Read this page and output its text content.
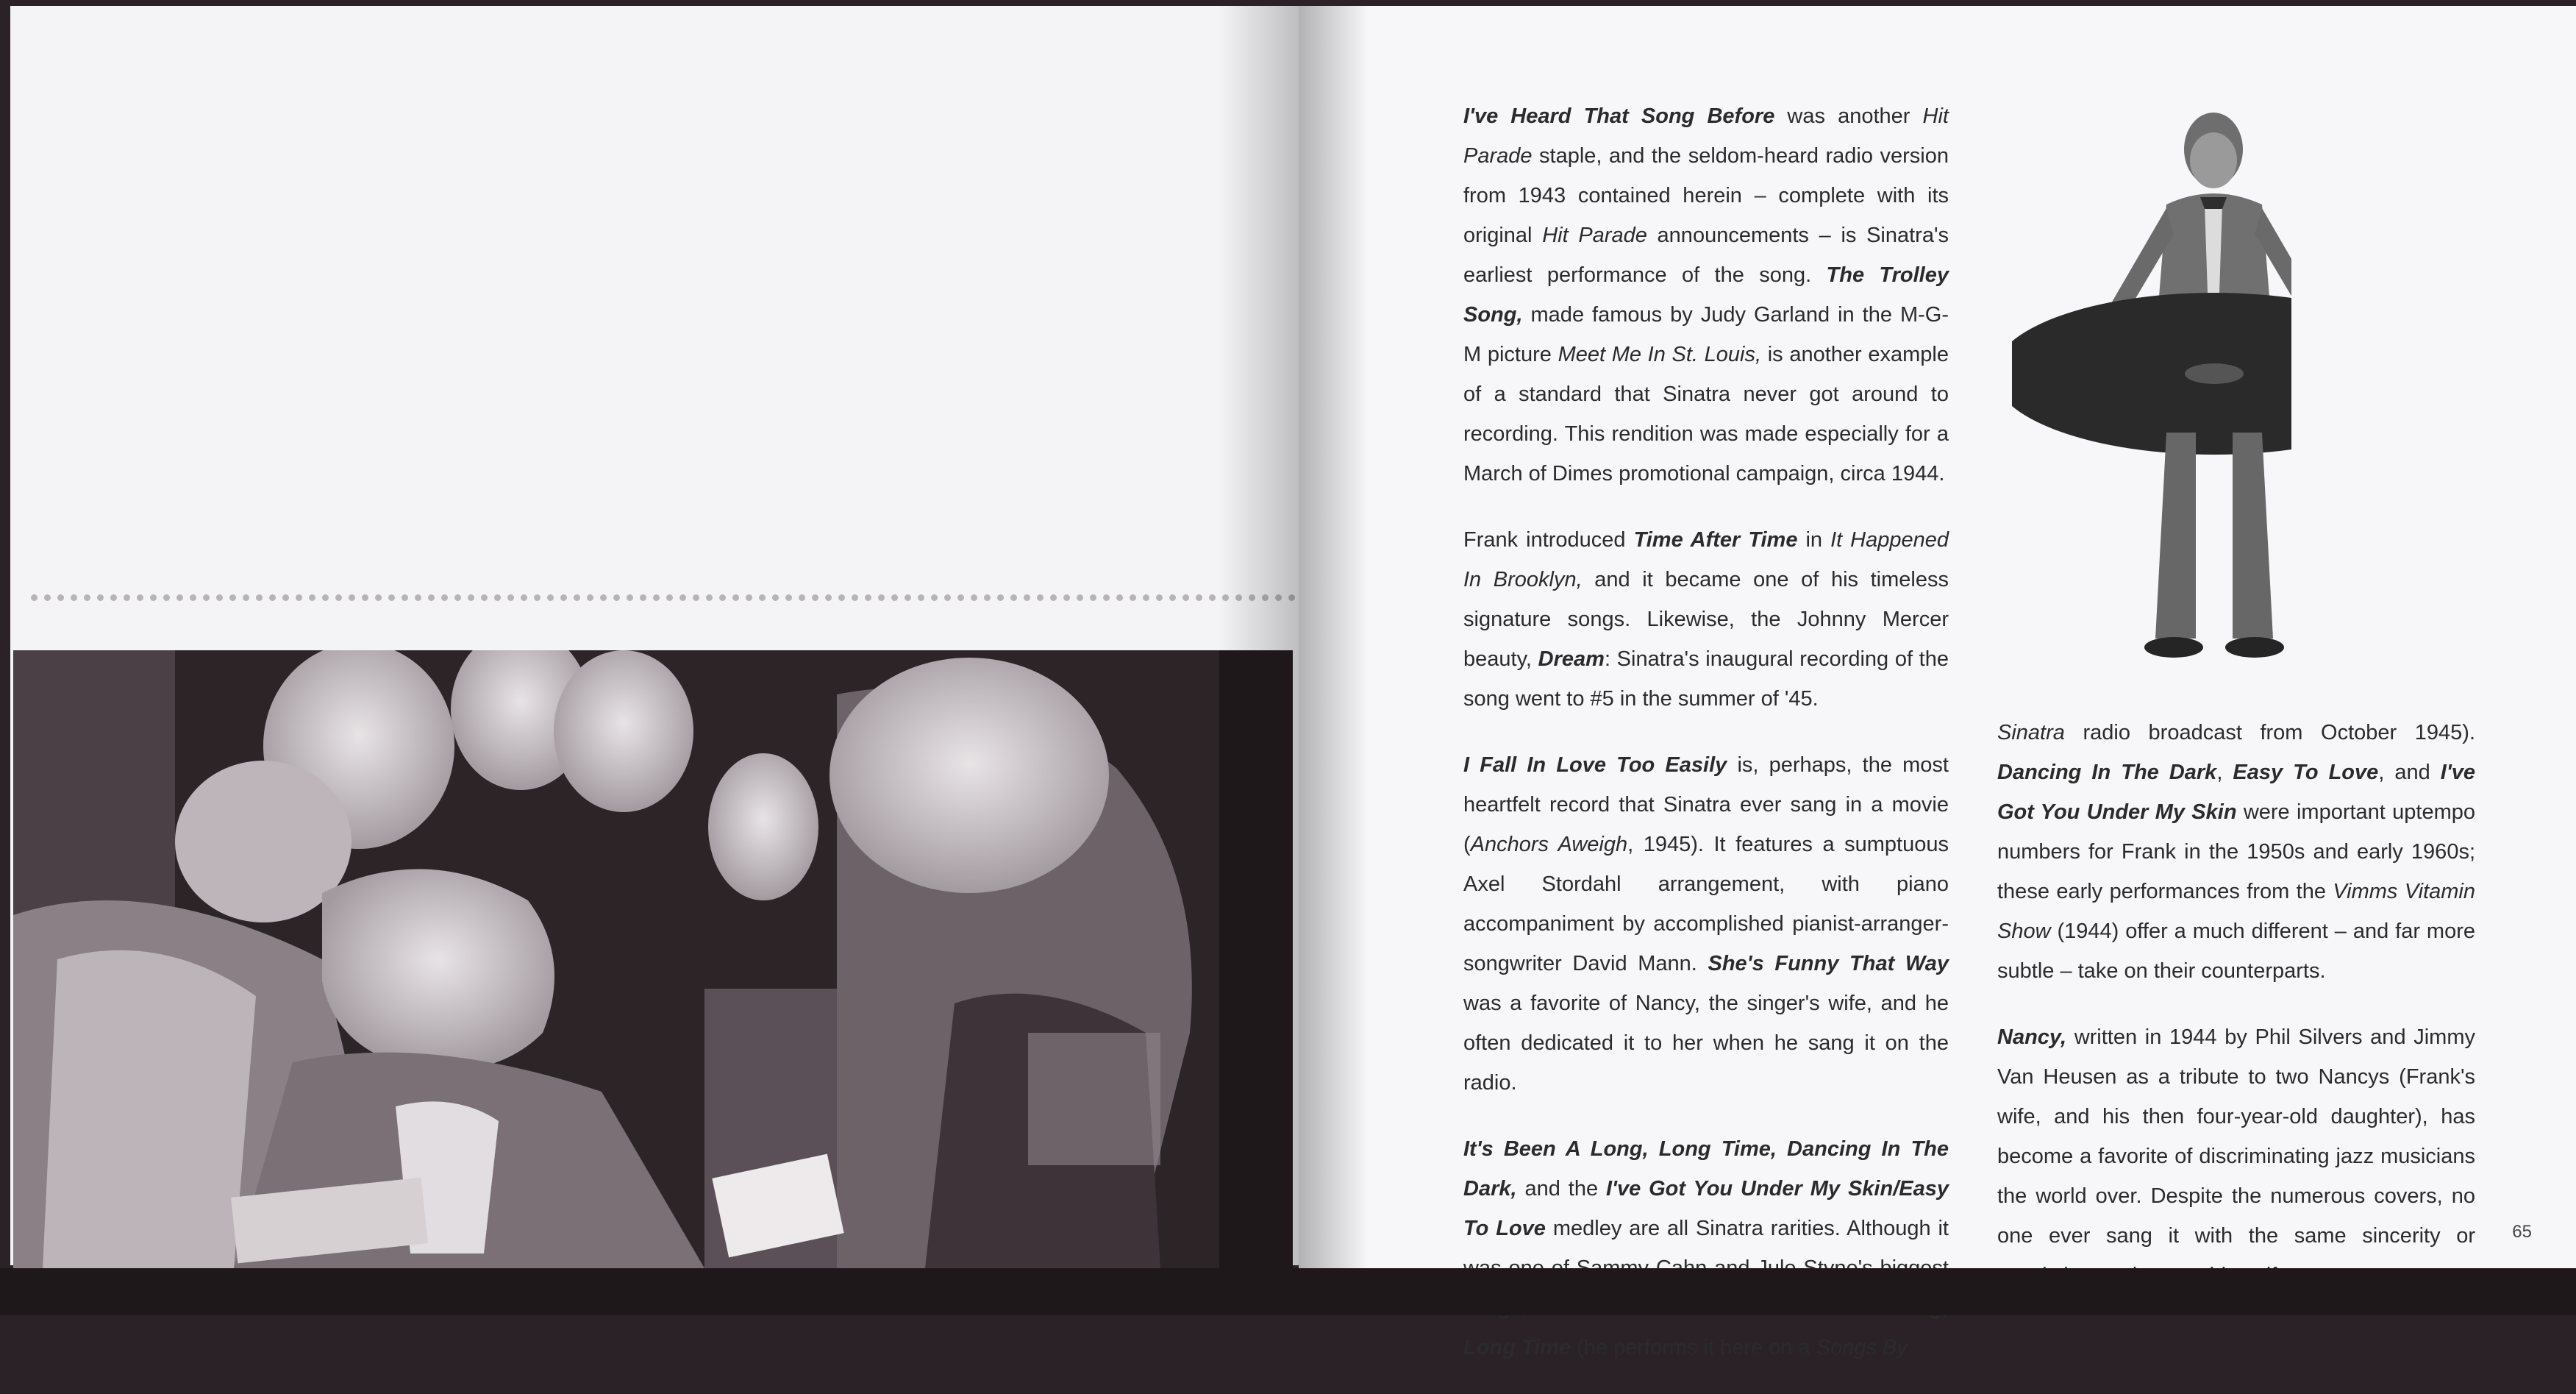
I've Heard That Song Before was another Hit Parade staple, and the seldom-heard radio version from 1943 contained herein – complete with its original Hit Parade announcements – is Sinatra's earliest performance of the song. The Trolley Song, made famous by Judy Garland in the M-G-M picture Meet Me In St. Louis, is another example of a standard that Sinatra never got around to recording. This rendition was made especially for a March of Dimes promotional campaign, circa 1944.

Frank introduced Time After Time in It Happened In Brooklyn, and it became one of his timeless signature songs. Likewise, the Johnny Mercer beauty, Dream: Sinatra's inaugural recording of the song went to #5 in the summer of '45.

I Fall In Love Too Easily is, perhaps, the most heartfelt record that Sinatra ever sang in a movie (Anchors Aweigh, 1945). It features a sumptuous Axel Stordahl arrangement, with piano accompaniment by accomplished pianist-arranger-songwriter David Mann. She's Funny That Way was a favorite of Nancy, the singer's wife, and he often dedicated it to her when he sang it on the radio.

It's Been A Long, Long Time, Dancing In The Dark, and the I've Got You Under My Skin/Easy To Love medley are all Sinatra rarities. Although it Long Time (he performs it here on a Songs By

Sinatra radio broadcast from October 1945). Dancing In The Dark, Easy To Love, and I've Got You Under My Skin were important uptempo numbers for Frank in the 1950s and early 1960s; these early performances from the Vimms Vitamin Show (1944) offer a much different – and far more subtle – take on their counterparts.

Nancy, written in 1944 by Phil Silvers and Jimmy Van Heusen as a tribute to two Nancys (Frank's wife, and his then four-year-old daughter), has become a favorite of discriminating jazz musicians the world over. Despite the numerous covers, no one ever sang it with the same sincerity or 65
